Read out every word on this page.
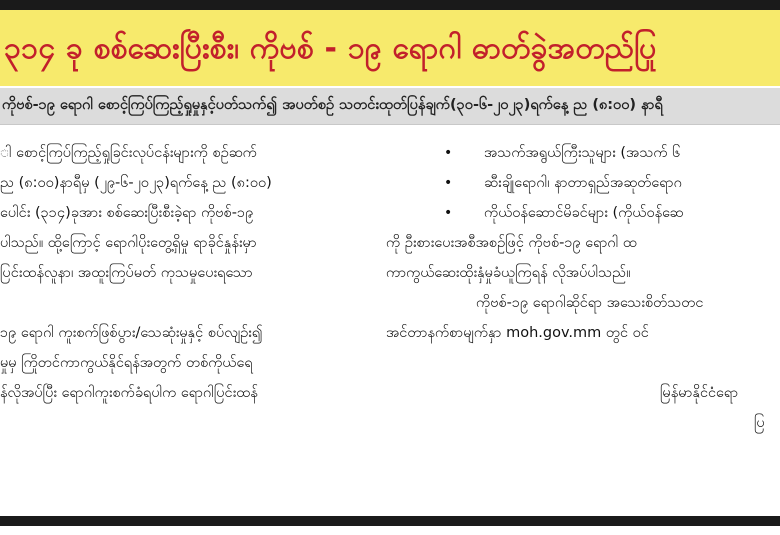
၃၁၄ ခု စစ်ဆေးပြီးစီး၊ ကိုဗစ် - ၁၉ ရောဂါ ဓာတ်ခွဲအတည်ပြု
ကိုဗစ်-၁၉ ရောဂါ စောင့်ကြပ်ကြည့်ရှုမှုနှင့်ပတ်သက်၍ အပတ်စဉ် သတင်းထုတ်ပြန်ချက်(၃၀-၆-၂၀၂၃)ရက်နေ့ ည (၈:၀၀) နာရီ
ါ စောင့်ကြပ်ကြည့်ရှုခြင်းလုပ်ငန်းများကို စဉ်ဆက်
ည (၈:၀၀)နာရီမှ (၂၉-၆-၂၀၂၃)ရက်နေ့ ည (၈:၀၀)
ပေါင်း (၃၁၄)ခုအား စစ်ဆေးပြီးစီးခဲ့ရာ ကိုဗစ်-၁၉
ပါသည်။ ထို့ကြောင့် ရောဂါပိုးတွေ့ရှိမှု ရာခိုင်နှုန်းမှာ
ပြင်းထန်လူနာ၊ အထူးကြပ်မတ် ကုသမှုပေးရသော
၁၉ ရောဂါ ကူးစက်ဖြစ်ပွား/သေဆုံးမှုနှင့် စပ်လျဉ်း၍
မှုမှ ကြိုတင်ကာကွယ်နိုင်ရန်အတွက် တစ်ကိုယ်ရေ
န်လိုအပ်ပြီး ရောဂါကူးစက်ခံရပါက ရောဂါပြင်းထန်
• အသက်အရွယ်ကြီးသူများ (အသက် ၆
• ဆီးချိုရောဂါ၊ နာတာရှည်အဆုတ်ရောဂ
• ကိုယ်ဝန်ဆောင်မိခင်များ (ကိုယ်ဝန်ဆေ
ကို ဦးစားပေးအစီအစဉ်ဖြင့် ကိုဗစ်-၁၉ ရောဂါ ထ
ကာကွယ်ဆေးထိုးနှံမှုခံယူကြရန် လိုအပ်ပါသည်။
ကိုဗစ်-၁၉ ရောဂါဆိုင်ရာ အသေးစိတ်သတင
အင်တာနက်စာမျက်နှာ moh.gov.mm တွင် ဝင်
မြန်မာနိုင်ငံရော
ပြ
